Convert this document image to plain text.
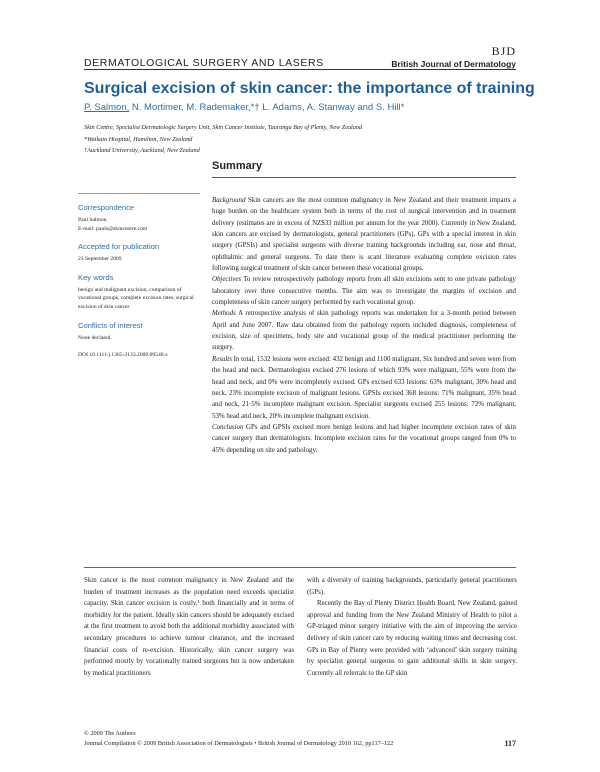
DERMATOLOGICAL SURGERY AND LASERS
BJD
British Journal of Dermatology
Surgical excision of skin cancer: the importance of training
P. Salmon, N. Mortimer, M. Rademaker,*† L. Adams, A. Stanway and S. Hill*
Skin Centre, Specialist Dermatologic Surgery Unit, Skin Cancer Institute, Tauranga Bay of Plenty, New Zealand
*Waikato Hospital, Hamilton, New Zealand
†Auckland University, Auckland, New Zealand
Summary
Correspondence
Paul Salmon.
E-mail: pauls@skincentre.com
Accepted for publication
23 September 2009
Key words
benign and malignant excision, comparison of vocational groups, complete excision rates, surgical excision of skin cancer
Conflicts of interest
None declared.
DOI 10.1111/j.1365-2133.2009.09548.x

Background Skin cancers are the most common malignancy in New Zealand and their treatment imparts a huge burden on the healthcare system both in terms of the cost of surgical intervention and in treatment delivery (estimates are in excess of NZ$33 million per annum for the year 2000). Currently in New Zealand, skin cancers are excised by dermatologists, general practitioners (GPs), GPs with a special interest in skin surgery (GPSIs) and specialist surgeons with diverse training backgrounds including ear, nose and throat, ophthalmic and general surgeons. To date there is scant literature evaluating complete excision rates following surgical treatment of skin cancer between these vocational groups.

Objectives To review retrospectively pathology reports from all skin excisions sent to one private pathology laboratory over three consecutive months. The aim was to investigate the margins of excision and completeness of skin cancer surgery performed by each vocational group.

Methods A retrospective analysis of skin pathology reports was undertaken for a 3-month period between April and June 2007. Raw data obtained from the pathology reports included diagnosis, completeness of excision, size of specimens, body site and vocational group of the medical practitioner performing the surgery.

Results In total, 1532 lesions were excised: 432 benign and 1100 malignant. Six hundred and seven were from the head and neck. Dermatologists excised 276 lesions of which 93% were malignant, 55% were from the head and neck, and 0% were incompletely excised. GPs excised 633 lesions: 63% malignant, 30% head and neck, 23% incomplete excision of malignant lesions. GPSIs excised 368 lesions: 71% malignant, 35% head and neck, 21·5% incomplete malignant excision. Specialist surgeons excised 255 lesions: 72% malignant, 53% head and neck, 20% incomplete malignant excision.

Conclusion GPs and GPSIs excised more benign lesions and had higher incomplete excision rates of skin cancer surgery than dermatologists. Incomplete excision rates for the vocational groups ranged from 0% to 45% depending on site and pathology.

Skin cancer is the most common malignancy in New Zealand and the burden of treatment increases as the population need exceeds specialist capacity. Skin cancer excision is costly,¹ both financially and in terms of morbidity for the patient. Ideally skin cancers should be adequately excised at the first treatment to avoid both the additional morbidity associated with secondary procedures to achieve tumour clearance, and the increased financial costs of re-excision. Historically, skin cancer surgery was performed mostly by vocationally trained surgeons but is now undertaken by medical practitioners

with a diversity of training backgrounds, particularly general practitioners (GPs).

Recently the Bay of Plenty District Health Board, New Zealand, gained approval and funding from the New Zealand Ministry of Health to pilot a GP-triaged minor surgery initiative with the aim of improving the service delivery of skin cancer care by reducing waiting times and decreasing cost. GPs in Bay of Plenty were provided with ‘advanced’ skin surgery training by specialist general surgeons to gain additional skills in skin surgery. Currently all referrals to the GP skin

© 2009 The Authors
Journal Compilation © 2009 British Association of Dermatologists • British Journal of Dermatology 2010 162, pp117–122	117
